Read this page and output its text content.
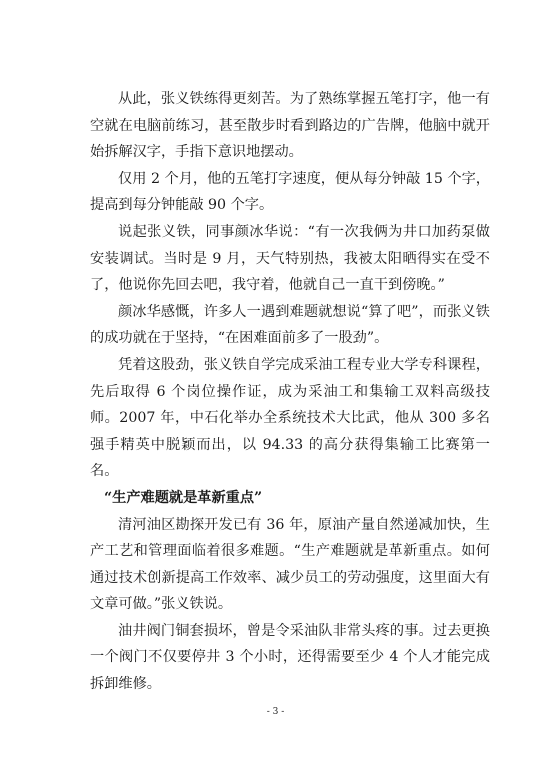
从此，张义铁练得更刻苦。为了熟练掌握五笔打字，他一有空就在电脑前练习，甚至散步时看到路边的广告牌，他脑中就开始拆解汉字，手指下意识地摆动。

仅用 2 个月，他的五笔打字速度，便从每分钟敲 15 个字，提高到每分钟能敲 90 个字。

说起张义铁，同事颜冰华说：“有一次我俩为井口加药泵做安装调试。当时是 9 月，天气特别热，我被太阳晒得实在受不了，他说你先回去吧，我守着，他就自己一直干到傍晚。”

颜冰华感慨，许多人一遇到难题就想说“算了吧”，而张义铁的成功就在于坚持，“在困难面前多了一股劲”。

凭着这股劲，张义铁自学完成采油工程专业大学专科课程，先后取得 6 个岗位操作证，成为采油工和集输工双料高级技师。2007 年，中石化举办全系统技术大比武，他从 300 多名强手精英中脱颖而出，以 94.33 的高分获得集输工比赛第一名。

“生产难题就是革新重点”

清河油区勘探开发已有 36 年，原油产量自然递减加快，生产工艺和管理面临着很多难题。“生产难题就是革新重点。如何通过技术创新提高工作效率、减少员工的劳动强度，这里面大有文章可做。”张义铁说。

油井阀门铜套损坏，曾是令采油队非常头疼的事。过去更换一个阀门不仅要停井 3 个小时，还得需要至少 4 个人才能完成拆卸维修。

- 3 -
